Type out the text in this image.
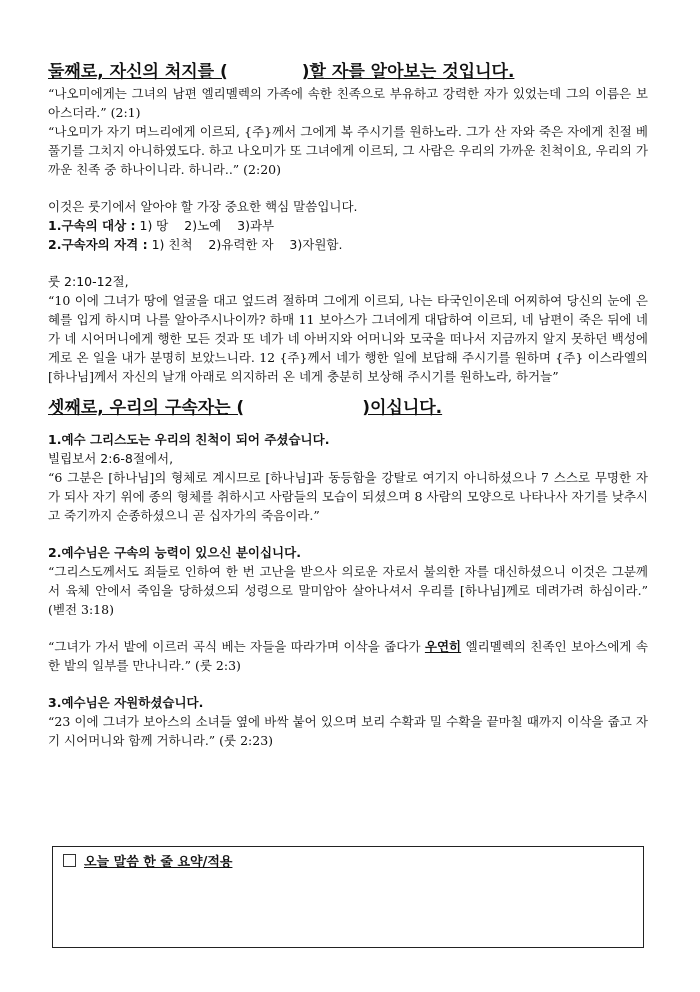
둘째로, 자신의 처지를 (	)할 자를 알아보는 것입니다.
“나오미에게는 그녀의 남편 엘리멜렉의 가족에 속한 친족으로 부유하고 강력한 자가 있었는데 그의 이름은 보아스더라.” (2:1)
“나오미가 자기 며느리에게 이르되, {주}께서 그에게 복 주시기를 원하노라. 그가 산 자와 죽은 자에게 친절 베풀기를 그치지 아니하였도다. 하고 나오미가 또 그녀에게 이르되, 그 사람은 우리의 가까운 친척이요, 우리의 가까운 친족 중 하나이니라. 하니라..” (2:20)
이것은 룻기에서 알아야 할 가장 중요한 핵심 말씀입니다.
1.구속의 대상 : 1) 땅    2)노예    3)과부
2.구속자의 자격 : 1) 친척    2)유력한 자    3)자원함.
룻 2:10-12절,
“10 이에 그녀가 땅에 얼굴을 대고 엎드려 절하며 그에게 이르되, 나는 타국인이온데 어찌하여 당신의 눈에 은혜를 입게 하시며 나를 알아주시나이까? 하매 11 보아스가 그녀에게 대답하여 이르되, 네 남편이 죽은 뒤에 네가 네 시어머니에게 행한 모든 것과 또 네가 네 아버지와 어머니와 모국을 떠나서 지금까지 알지 못하던 백성에게로 온 일을 내가 분명히 보았느니라. 12 {주}께서 네가 행한 일에 보답해 주시기를 원하며 {주} 이스라엘의 [하나님]께서 자신의 날개 아래로 의지하러 온 네게 충분히 보상해 주시기를 원하노라, 하거늘”
셋째로, 우리의 구속자는 (	)이십니다.
1.예수 그리스도는 우리의 친척이 되어 주셨습니다.
빌립보서 2:6-8절에서,
“6 그분은 [하나님]의 형체로 계시므로 [하나님]과 동등함을 강탈로 여기지 아니하셨으나 7 스스로 무명한 자가 되사 자기 위에 종의 형체를 취하시고 사람들의 모습이 되셨으며 8 사람의 모양으로 나타나사 자기를 낮추시고 죽기까지 순종하셨으니 곧 십자가의 죽음이라.”
2.예수님은 구속의 능력이 있으신 분이십니다.
“그리스도께서도 죄들로 인하여 한 번 고난을 받으사 의로운 자로서 불의한 자를 대신하셨으니 이것은 그분께서 육체 안에서 죽임을 당하셨으되 성령으로 말미암아 살아나셔서 우리를 [하나님]께로 데려가려 하심이라.” (벧전 3:18)
“그녀가 가서 밭에 이르러 곡식 베는 자들을 따라가며 이삭을 줍다가 우연히 엘리멜렉의 친족인 보아스에게 속한 밭의 일부를 만나니라.” (룻 2:3)
3.예수님은 자원하셨습니다.
“23 이에 그녀가 보아스의 소녀들 옆에 바싹 붙어 있으며 보리 수확과 밀 수확을 끝마칠 때까지 이삭을 줍고 자기 시어머니와 함께 거하니라.” (룻 2:23)
오늘 말씀 한 줄 요약/적용
